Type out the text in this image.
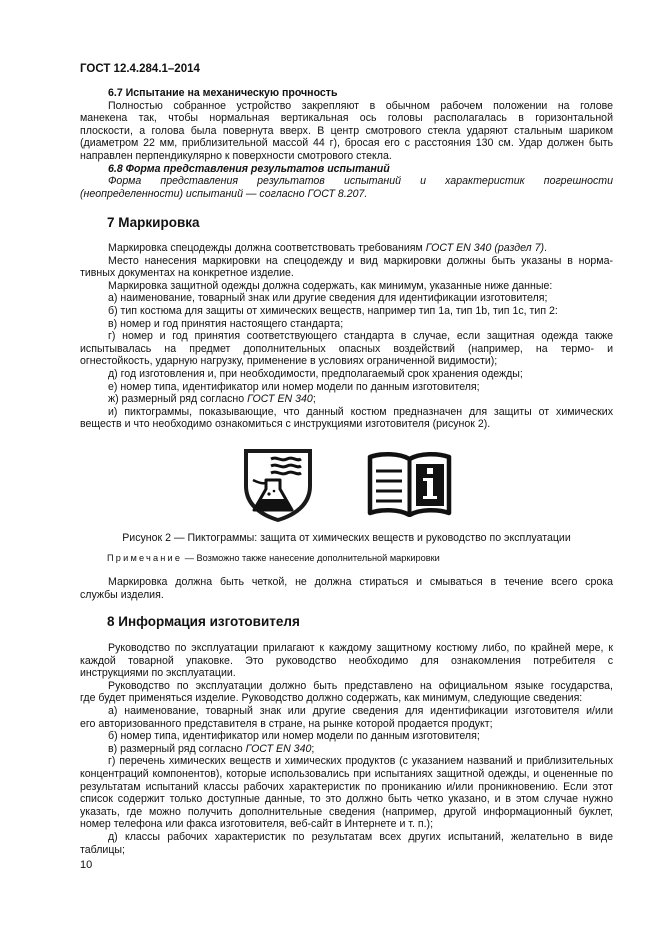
ГОСТ 12.4.284.1–2014

6.7 Испытание на механическую прочность

Полностью собранное устройство закрепляют в обычном рабочем положении на голове

манекена так, чтобы нормальная вертикальная ось головы располагалась в горизонтальной

плоскости, а голова была повернута вверх. В центр смотрового стекла ударяют стальным шариком

(диаметром 22 мм, приблизительной массой 44 г), бросая его с расстояния 130 см. Удар должен быть

направлен перпендикулярно к поверхности смотрового стекла.

6.8 Форма представления результатов испытаний

Форма представления результатов испытаний и характеристик погрешности

(неопределенности) испытаний — согласно ГОСТ 8.207.

7 Маркировка

Маркировка спецодежды должна соответствовать требованиям ГОСТ EN 340 (раздел 7).

Место нанесения маркировки на спецодежду и вид маркировки должны быть указаны в норма-

тивных документах на конкретное изделие.

Маркировка защитной одежды должна содержать, как минимум, указанные ниже данные:

а) наименование, товарный знак или другие сведения для идентификации изготовителя;

б) тип костюма для защиты от химических веществ, например тип 1a, тип 1b, тип 1c, тип 2:

в) номер и год принятия настоящего стандарта;

г) номер и год принятия соответствующего стандарта в случае, если защитная одежда также

испытывалась на предмет дополнительных опасных воздействий (например, на термо- и

огнестойкость, ударную нагрузку, применение в условиях ограниченной видимости);

д) год изготовления и, при необходимости, предполагаемый срок хранения одежды;

е) номер типа, идентификатор или номер модели по данным изготовителя;

ж) размерный ряд согласно ГОСТ ЕN 340;

и) пиктограммы, показывающие, что данный костюм предназначен для защиты от химических

веществ и что необходимо ознакомиться с инструкциями изготовителя (рисунок 2).

Рисунок 2 — Пиктограммы: защита от химических веществ и руководство по эксплуатации
Примечание — Возможно также нанесение дополнительной маркировки

Маркировка должна быть четкой, не должна стираться и смываться в течение всего срока

службы изделия.

8 Информация изготовителя

Руководство по эксплуатации прилагают к каждому защитному костюму либо, по крайней мере, к

каждой товарной упаковке. Это руководство необходимо для ознакомления потребителя с

инструкциями по эксплуатации.

Руководство по эксплуатации должно быть представлено на официальном языке государства,

где будет применяться изделие. Руководство должно содержать, как минимум, следующие сведения:

а) наименование, товарный знак или другие сведения для идентификации изготовителя и/или

его авторизованного представителя в стране, на рынке которой продается продукт;

б) номер типа, идентификатор или номер модели по данным изготовителя;

в) размерный ряд согласно ГОСТ EN 340;

г) перечень химических веществ и химических продуктов (с указанием названий и приблизительных

концентраций компонентов), которые использовались при испытаниях защитной одежды, и оцененные по

результатам испытаний классы рабочих характеристик по прониканию и/или проникновению. Если этот

список содержит только доступные данные, то это должно быть четко указано, и в этом случае нужно

указать, где можно получить дополнительные сведения (например, другой информационный буклет,

номер телефона или факса изготовителя, веб-сайт в Интернете и т. п.);

д) классы рабочих характеристик по результатам всех других испытаний, желательно в виде

таблицы;

10
